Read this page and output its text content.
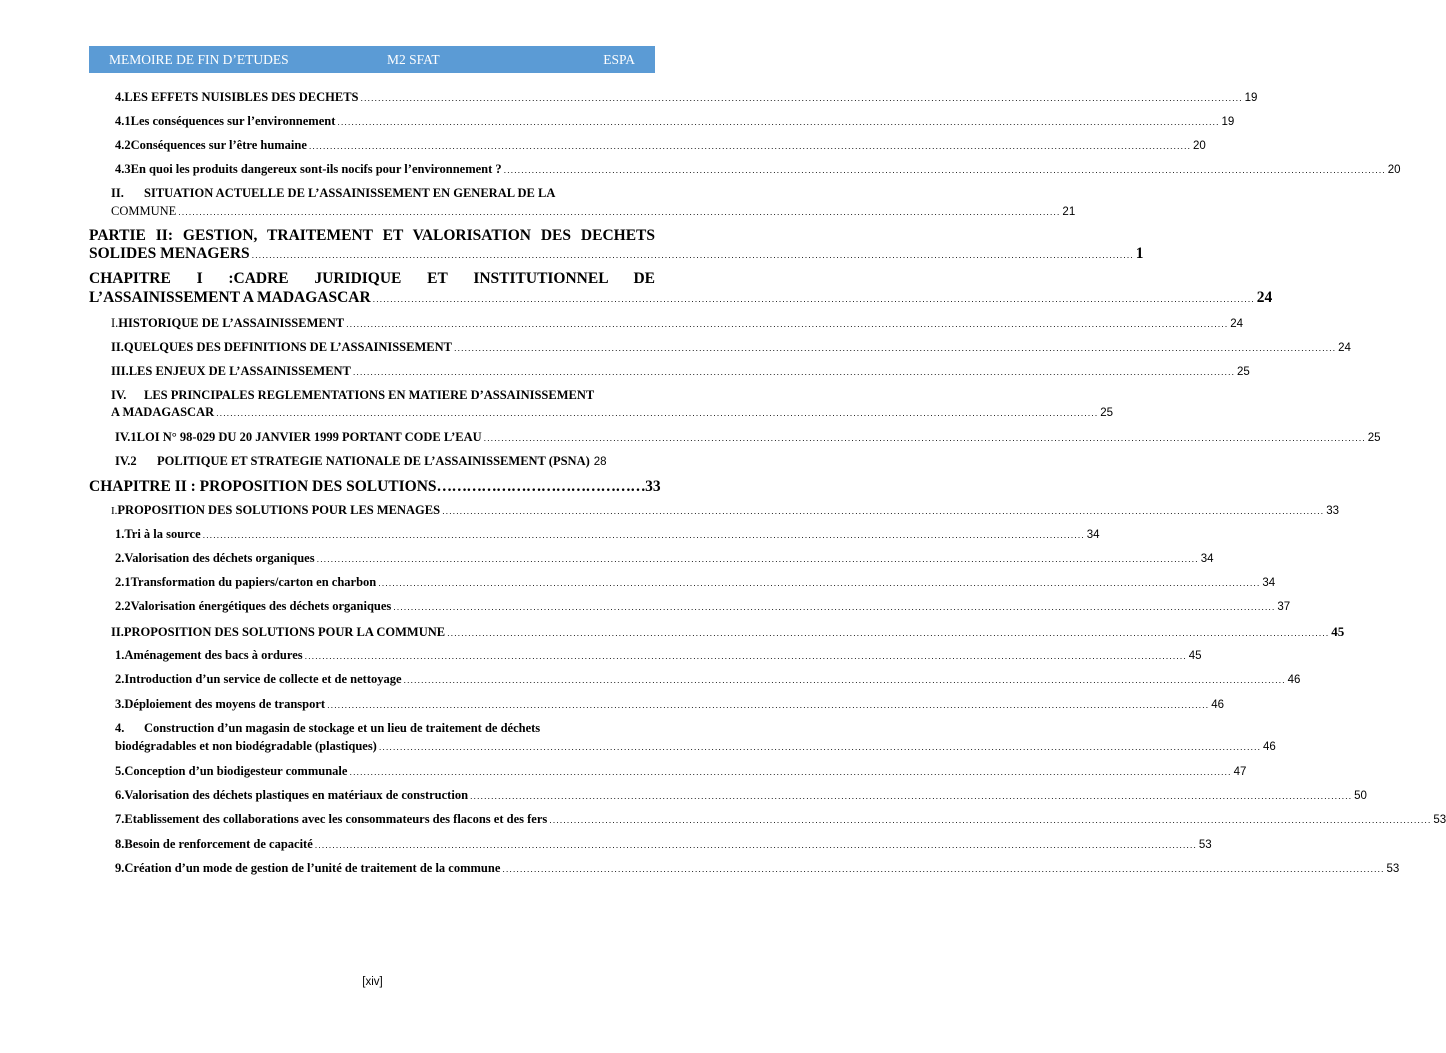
MEMOIRE DE FIN D’ETUDES	M2 SFAT	ESPA
4. LES EFFETS NUISIBLES DES DECHETS .....	19
4.1 Les conséquences sur l’environnement .....	19
4.2 Conséquences sur l’être humaine .....	20
4.3 En quoi les produits dangereux sont-ils nocifs pour l’environnement ? .....	20
II. SITUATION ACTUELLE DE L’ASSAINISSEMENT EN GENERAL DE LA
COMMUNE .....	21
PARTIE II: GESTION, TRAITEMENT ET VALORISATION DES DECHETS
SOLIDES MENAGERS .....	1
CHAPITRE I :CADRE JURIDIQUE ET INSTITUTIONNEL DE
L’ASSAINISSEMENT A MADAGASCAR .....	24
I. HISTORIQUE DE L’ASSAINISSEMENT .....	24
II. QUELQUES DES DEFINITIONS DE L’ASSAINISSEMENT .....	24
III. LES ENJEUX DE L’ASSAINISSEMENT .....	25
IV. LES PRINCIPALES REGLEMENTATIONS EN MATIERE D’ASSAINISSEMENT
A MADAGASCAR .....	25
IV.1 LOI N° 98-029 DU 20 JANVIER 1999 PORTANT CODE L’EAU .....	25
IV.2	POLITIQUE ET STRATEGIE NATIONALE DE L’ASSAINISSEMENT (PSNA) 28
CHAPITRE II : PROPOSITION DES SOLUTIONS …………………………………… 33
I. PROPOSITION DES SOLUTIONS POUR LES MENAGES .....	33
1. Tri à la source .....	34
2. Valorisation des déchets organiques .....	34
2.1 Transformation du papiers/carton en charbon .....	34
2.2 Valorisation énergétiques des déchets organiques .....	37
II. PROPOSITION DES SOLUTIONS POUR LA COMMUNE .....	45
1. Aménagement des bacs à ordures .....	45
2. Introduction d’un service de collecte et de nettoyage .....	46
3. Déploiement des moyens de transport .....	46
4. Construction d’un magasin de stockage et un lieu de traitement de déchets
biodégradables et non biodégradable (plastiques) .....	46
5. Conception d’un biodigesteur communale .....	47
6. Valorisation des déchets plastiques en matériaux de construction .....	50
7. Etablissement des collaborations avec les consommateurs des flacons et des fers .....	53
8. Besoin de renforcement de capacité .....	53
9. Création d’un mode de gestion de l’unité de traitement de la commune .....	53
[xiv]
